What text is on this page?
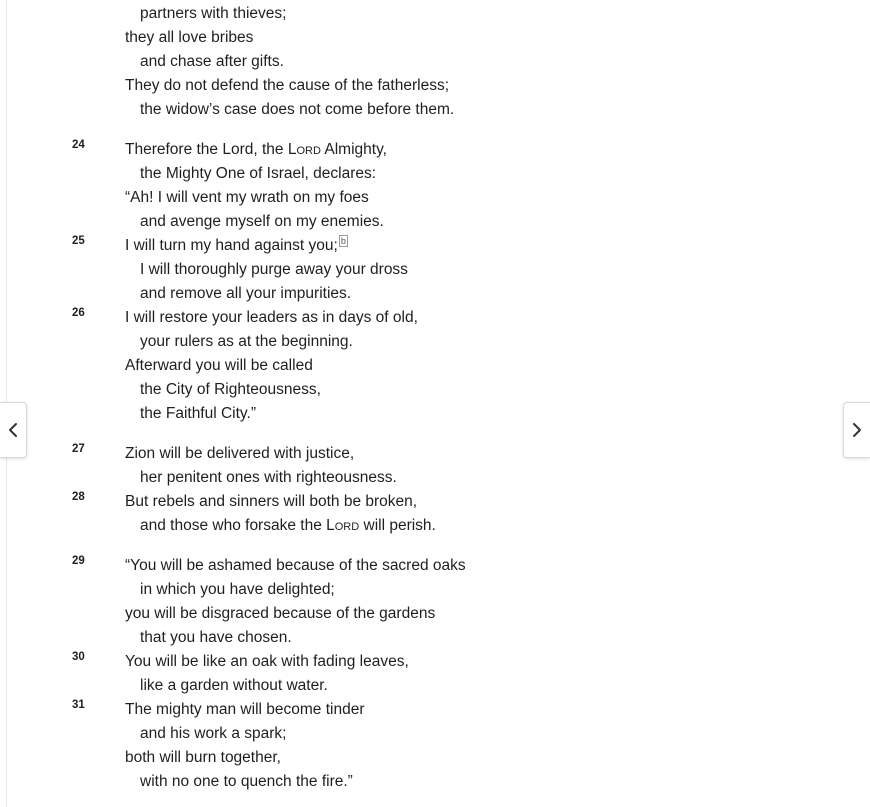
partners with thieves;
they all love bribes
and chase after gifts.
They do not defend the cause of the fatherless;
the widow’s case does not come before them.
24	Therefore the Lord, the Lord Almighty,
the Mighty One of Israel, declares:
“Ah! I will vent my wrath on my foes
and avenge myself on my enemies.
25	I will turn my hand against you; $^b$
I will thoroughly purge away your dross
and remove all your impurities.
26	I will restore your leaders as in days of old,
your rulers as at the beginning.
Afterward you will be called
the City of Righteousness,
the Faithful City.”
27	Zion will be delivered with justice,
her penitent ones with righteousness.
28	But rebels and sinners will both be broken,
and those who forsake the Lord will perish.
29	“You will be ashamed because of the sacred oaks
in which you have delighted;
you will be disgraced because of the gardens
that you have chosen.
30	You will be like an oak with fading leaves,
like a garden without water.
31	The mighty man will become tinder
and his work a spark;
both will burn together,
with no one to quench the fire.”
